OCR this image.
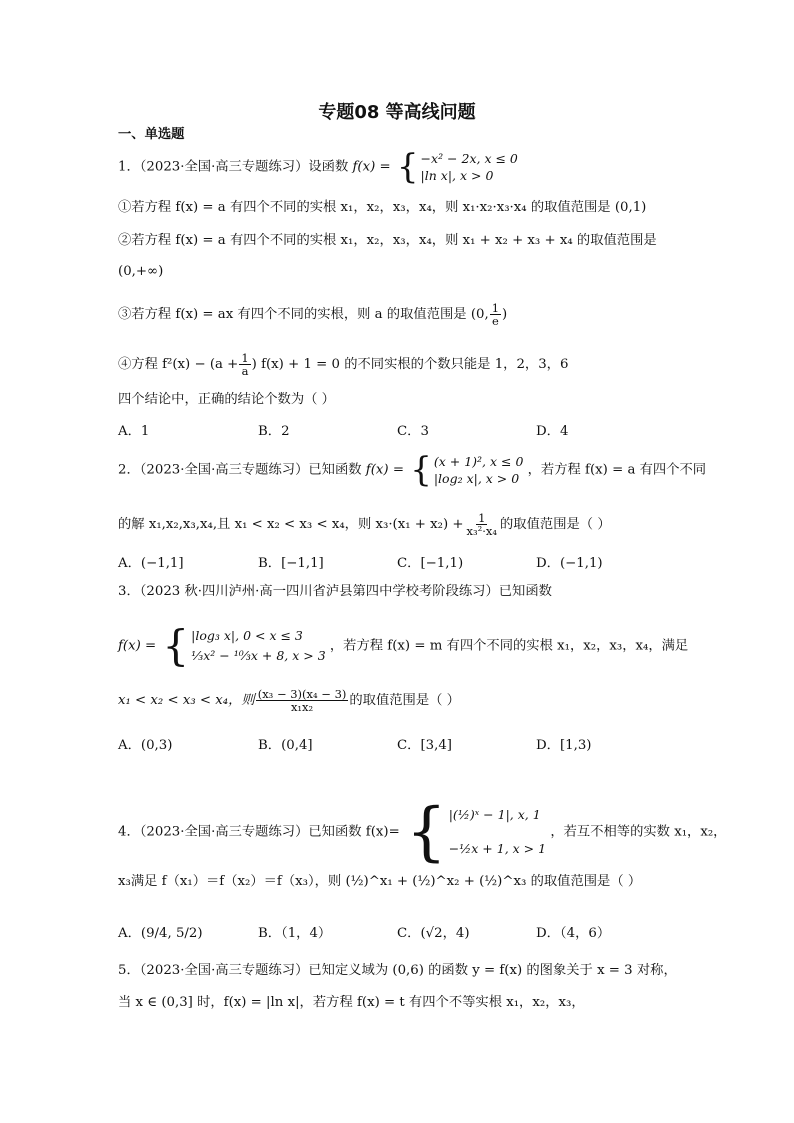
专题08 等高线问题
一、单选题
1．（2023·全国·高三专题练习）设函数 f(x) = { −x² − 2x, x ≤ 0
|ln x|, x > 0
①若方程 f(x) = a 有四个不同的实根 x₁，x₂，x₃，x₄，则 x₁·x₂·x₃·x₄ 的取值范围是 (0,1)
②若方程 f(x) = a 有四个不同的实根 x₁，x₂，x₃，x₄，则 x₁ + x₂ + x₃ + x₄ 的取值范围是
(0,+∞)
③若方程 f(x) = ax 有四个不同的实根，则 a 的取值范围是 (0, $\frac{1}{e}$ )
④方程 $f^2(x) - (a + \frac{1}{a}$ ) f(x) + 1 = 0 的不同实根的个数只能是 1，2，3，6
四个结论中，正确的结论个数为（ ）
A．1	B．2	C．3	D．4
2．（2023·全国·高三专题练习）已知函数 f(x) = { (x + 1)², x ≤ 0
|log₂ x|, x > 0
，若方程 f(x) = a 有四个不同
的解 x₁,x₂,x₃,x₄,且 x₁ < x₂ < x₃ < x₄，则 $x_3\cdot(x_1 + x_2) + \frac{1}{\text{x₃²·x₄}}$ 的取值范围是（ ）
A．(−1,1]	B．[−1,1]	C．[−1,1)	D．(−1,1)
3．（2023 秋·四川泸州·高一四川省泸县第四中学校考阶段练习）已知函数
f(x) = { |log₃ x|, 0 < x ≤ 3
⅓x² − ¹⁰⁄₃x + 8, x > 3
，若方程 f(x) = m 有四个不同的实根 x₁，x₂，x₃，x₄，满足
x₁ < x₂ < x₃ < x₄，则 $\frac{\text{(x₃ − 3)(x₄ − 3)}}{\text{x₁x₂}}$ 的取值范围是（ ）
A．(0,3)	B．(0,4]	C．[3,4]	D．[1,3)
4．（2023·全国·高三专题练习）已知函数 f(x)= { |(½)ˣ − 1|, x, 1
−½x + 1, x > 1
，若互不相等的实数 x₁，x₂，
x₃满足 f（x₁）＝f（x₂）＝f（x₃），则 (½)^x₁ + (½)^x₂ + (½)^x₃ 的取值范围是（ ）
A．(9/4, 5/2)	B．（1，4）	C．(√2，4)	D．（4，6）
5．（2023·全国·高三专题练习）已知定义域为 (0,6) 的函数 y = f(x) 的图象关于 x = 3 对称，
当 x ∈ (0,3] 时，f(x) = |ln x|，若方程 f(x) = t 有四个不等实根 x₁，x₂，x₃，
